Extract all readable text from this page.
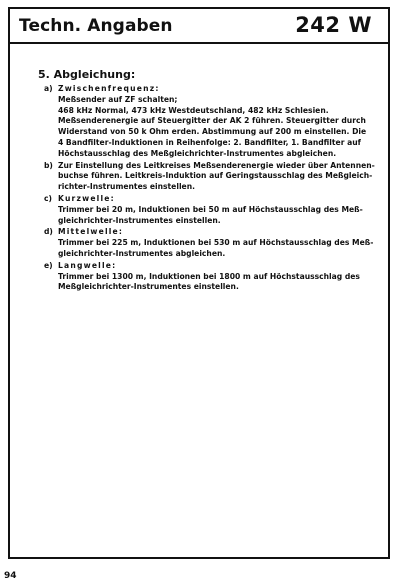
Techn. Angaben	242 W
5. Abgleichung:
a) Zwischenfrequenz:
Meßsender auf ZF schalten;
468 kHz Normal, 473 kHz Westdeutschland, 482 kHz Schlesien.
Meßsenderenergie auf Steuergitter der AK 2 führen. Steuergitter durch
Widerstand von 50 k Ohm erden. Abstimmung auf 200 m einstellen. Die
4 Bandfilter-Induktionen in Reihenfolge: 2. Bandfilter, 1. Bandfilter auf
Höchstausschlag des Meßgleichrichter-Instrumentes abgleichen.
b) Zur Einstellung des Leitkreises Meßsenderenergie wieder über Antennen-
buchse führen. Leitkreis-Induktion auf Geringstausschlag des Meßgleich-
richter-Instrumentes einstellen.
c) Kurzwelle:
Trimmer bei 20 m, Induktionen bei 50 m auf Höchstausschlag des Meß-
gleichrichter-Instrumentes einstellen.
d) Mittelwelle:
Trimmer bei 225 m, Induktionen bei 530 m auf Höchstausschlag des Meß-
gleichrichter-Instrumentes abgleichen.
e) Langwelle:
Trimmer bei 1300 m, Induktionen bei 1800 m auf Höchstausschlag des
Meßgleichrichter-Instrumentes einstellen.
94
